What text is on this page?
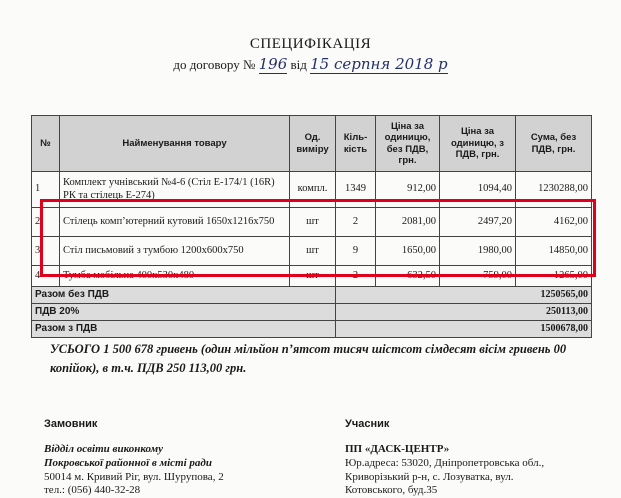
СПЕЦИФІКАЦІЯ
до договору № 196 від 15 серпня 2018 р
№	Найменування товару	Од. виміру	Кіль-кість	Ціна за одиницю, без ПДВ, грн.	Ціна за одиницю, з ПДВ, грн.	Сума, без ПДВ, грн.
1	Комплект учнівський №4-6 (Стіл Е-174/1 (16R) РК та стілець Е-274)	компл.	1349	912,00	1094,40	1230288,00
2	Стілець комп’ютерний кутовий 1650х1216х750	шт	2	2081,00	2497,20	4162,00
3	Стіл письмовий з тумбою 1200х600х750	шт	9	1650,00	1980,00	14850,00
4	Тумба мобільна 400х530х480	шт	2	632,50	759,00	1265,00
Разом без ПДВ			1250565,00			
ПДВ 20%			250113,00			
Разом з ПДВ			1500678,00			
УСЬОГО 1 500 678 гривень (один мільйон п’ятсот тисяч шістсот сімдесят вісім гривень 00 копійок), в т.ч. ПДВ 250 113,00 грн.
Замовник
Відділ освіти виконкому
Покровської районної в місті ради
50014 м. Кривий Ріг, вул. Шурупова, 2
тел.: (056) 440-32-28
Учасник
ПП «ДАСК-ЦЕНТР»
Юр.адреса: 53020, Дніпропетровська обл.,
Криворізький р-н, с. Лозуватка, вул.
Котовського, буд.35
